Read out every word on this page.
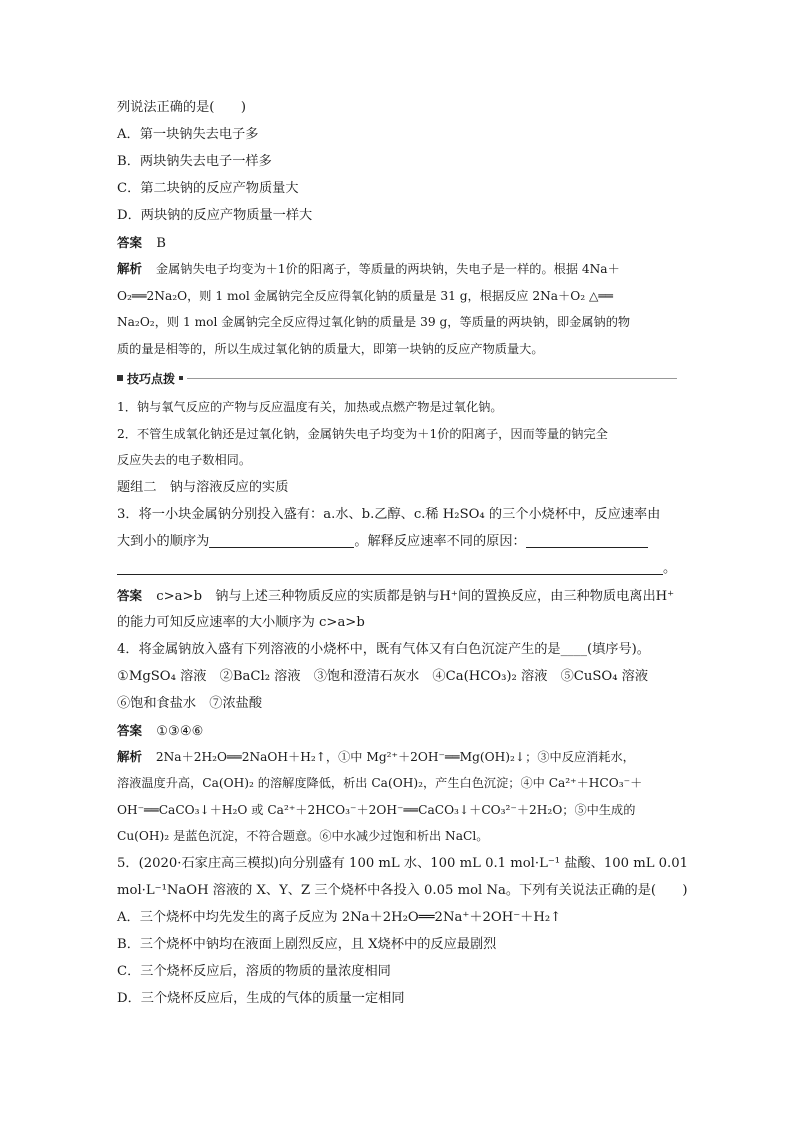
列说法正确的是(　　)
A．第一块钠失去电子多
B．两块钠失去电子一样多
C．第二块钠的反应产物质量大
D．两块钠的反应产物质量一样大
答案 B
解析 金属钠失电子均变为＋1价的阳离子，等质量的两块钠，失电子是一样的。根据 4Na＋
O₂══2Na₂O，则 1 mol 金属钠完全反应得氧化钠的质量是 31 g，根据反应 2Na＋O₂ △══
Na₂O₂，则 1 mol 金属钠完全反应得过氧化钠的质量是 39 g，等质量的两块钠，即金属钠的物
质的量是相等的，所以生成过氧化钠的质量大，即第一块钠的反应产物质量大。
技巧点拨
1．钠与氧气反应的产物与反应温度有关，加热或点燃产物是过氧化钠。
2．不管生成氧化钠还是过氧化钠，金属钠失电子均变为＋1价的阳离子，因而等量的钠完全
反应失去的电子数相同。
题组二　钠与溶液反应的实质
3．将一小块金属钠分别投入盛有：a.水、b.乙醇、c.稀 H₂SO₄ 的三个小烧杯中，反应速率由
大到小的顺序为	。解释反应速率不同的原因：
。
答案 c>a>b　钠与上述三种物质反应的实质都是钠与H⁺间的置换反应，由三种物质电离出H⁺
的能力可知反应速率的大小顺序为 c>a>b
4．将金属钠放入盛有下列溶液的小烧杯中，既有气体又有白色沉淀产生的是____(填序号)。
①MgSO₄ 溶液　②BaCl₂ 溶液　③饱和澄清石灰水　④Ca(HCO₃)₂ 溶液　⑤CuSO₄ 溶液
⑥饱和食盐水　⑦浓盐酸
答案 ①③④⑥
解析 2Na＋2H₂O══2NaOH＋H₂↑，①中 Mg²⁺＋2OH⁻══Mg(OH)₂↓；③中反应消耗水，
溶液温度升高，Ca(OH)₂ 的溶解度降低，析出 Ca(OH)₂，产生白色沉淀；④中 Ca²⁺＋HCO₃⁻＋
OH⁻══CaCO₃↓＋H₂O 或 Ca²⁺＋2HCO₃⁻＋2OH⁻══CaCO₃↓＋CO₃²⁻＋2H₂O；⑤中生成的
Cu(OH)₂ 是蓝色沉淀，不符合题意。⑥中水减少过饱和析出 NaCl。
5．(2020·石家庄高三模拟)向分别盛有 100 mL 水、100 mL 0.1 mol·L⁻¹ 盐酸、100 mL 0.01
mol·L⁻¹NaOH 溶液的 X、Y、Z 三个烧杯中各投入 0.05 mol Na。下列有关说法正确的是(　　)
A．三个烧杯中均先发生的离子反应为 2Na＋2H₂O══2Na⁺＋2OH⁻＋H₂↑
B．三个烧杯中钠均在液面上剧烈反应，且 X烧杯中的反应最剧烈
C．三个烧杯反应后，溶质的物质的量浓度相同
D．三个烧杯反应后，生成的气体的质量一定相同
